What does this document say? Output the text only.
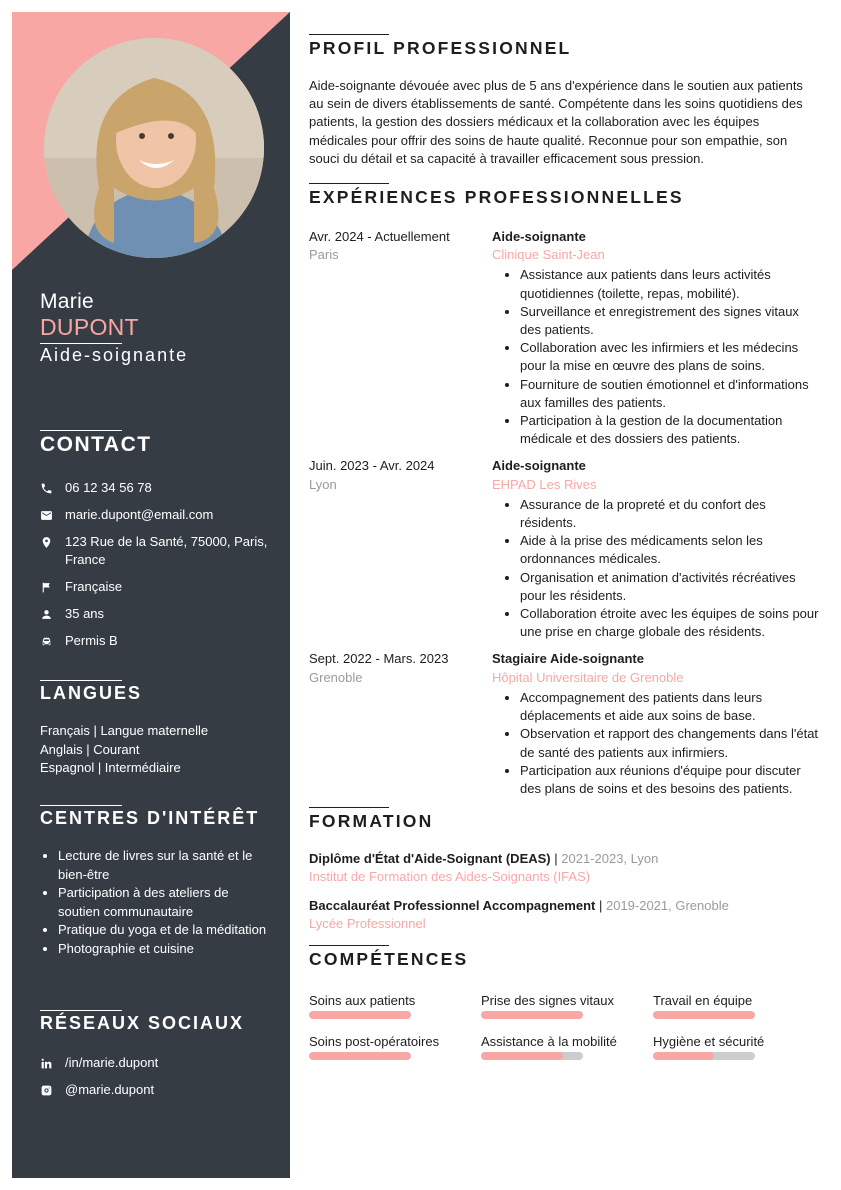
Marie
DUPONT
Aide-soignante
CONTACT
06 12 34 56 78
marie.dupont@email.com
123 Rue de la Santé, 75000, Paris, France
Française
35 ans
Permis B
LANGUES
Français | Langue maternelle
Anglais | Courant
Espagnol | Intermédiaire
CENTRES D'INTÉRÊT
• Lecture de livres sur la santé et le bien-être
• Participation à des ateliers de soutien communautaire
• Pratique du yoga et de la méditation
• Photographie et cuisine
RÉSEAUX SOCIAUX
/in/marie.dupont
@marie.dupont
PROFIL PROFESSIONNEL

Aide-soignante dévouée avec plus de 5 ans d'expérience dans le soutien aux patients au sein de divers établissements de santé. Compétente dans les soins quotidiens des patients, la gestion des dossiers médicaux et la collaboration avec les équipes médicales pour offrir des soins de haute qualité. Reconnue pour son empathie, son souci du détail et sa capacité à travailler efficacement sous pression.

EXPÉRIENCES PROFESSIONNELLES
Avr. 2024 - Actuellement
Paris
Aide-soignante
Clinique Saint-Jean
• Assistance aux patients dans leurs activités quotidiennes (toilette, repas, mobilité).
• Surveillance et enregistrement des signes vitaux des patients.
• Collaboration avec les infirmiers et les médecins pour la mise en œuvre des plans de soins.
• Fourniture de soutien émotionnel et d'informations aux familles des patients.
• Participation à la gestion de la documentation médicale et des dossiers des patients.
Juin. 2023 - Avr. 2024
Lyon
Aide-soignante
EHPAD Les Rives
• Assurance de la propreté et du confort des résidents.
• Aide à la prise des médicaments selon les ordonnances médicales.
• Organisation et animation d'activités récréatives pour les résidents.
• Collaboration étroite avec les équipes de soins pour une prise en charge globale des résidents.
Sept. 2022 - Mars. 2023
Grenoble
Stagiaire Aide-soignante
Hôpital Universitaire de Grenoble
• Accompagnement des patients dans leurs déplacements et aide aux soins de base.
• Observation et rapport des changements dans l'état de santé des patients aux infirmiers.
• Participation aux réunions d'équipe pour discuter des plans de soins et des besoins des patients.
FORMATION
Diplôme d'État d'Aide-Soignant (DEAS) | 2021-2023, Lyon
Institut de Formation des Aides-Soignants (IFAS)
Baccalauréat Professionnel Accompagnement | 2019-2021, Grenoble
Lycée Professionnel
COMPÉTENCES
Soins aux patients	Prise des signes vitaux	Travail en équipe
Soins post-opératoires	Assistance à la mobilité	Hygiène et sécurité
